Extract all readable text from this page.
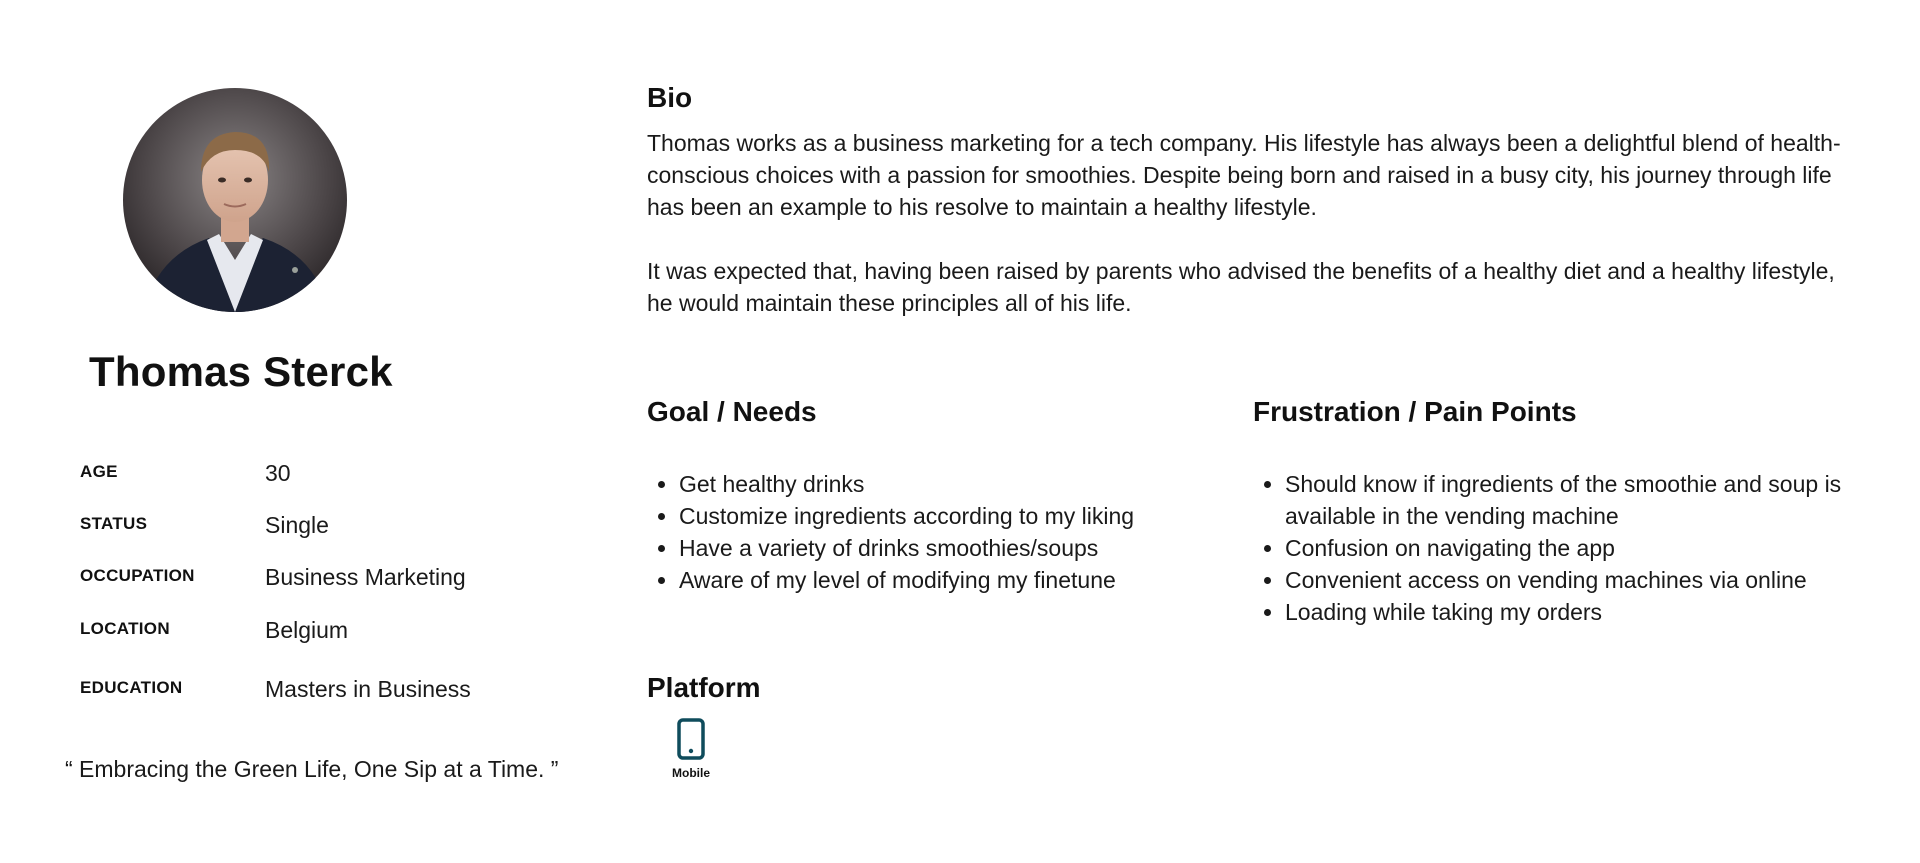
Thomas Sterck
AGE	30
STATUS	Single
OCCUPATION	Business Marketing
LOCATION	Belgium
EDUCATION	Masters in Business
“ Embracing the Green Life, One Sip at a Time. ”
Bio

Thomas works as a business marketing for a tech company. His lifestyle has always been a delightful blend of health-conscious choices with a passion for smoothies. Despite being born and raised in a busy city, his journey through life has been an example to his resolve to maintain a healthy lifestyle.

It was expected that, having been raised by parents who advised the benefits of a healthy diet and a healthy lifestyle, he would maintain these principles all of his life.

Goal / Needs
• Get healthy drinks
• Customize ingredients according to my liking
• Have a variety of drinks smoothies/soups
• Aware of my level of modifying my finetune
Frustration / Pain Points
• Should know if ingredients of the smoothie and soup is available in the vending machine
• Confusion on navigating the app
• Convenient access on vending machines via online
• Loading while taking my orders
Platform
Mobile
